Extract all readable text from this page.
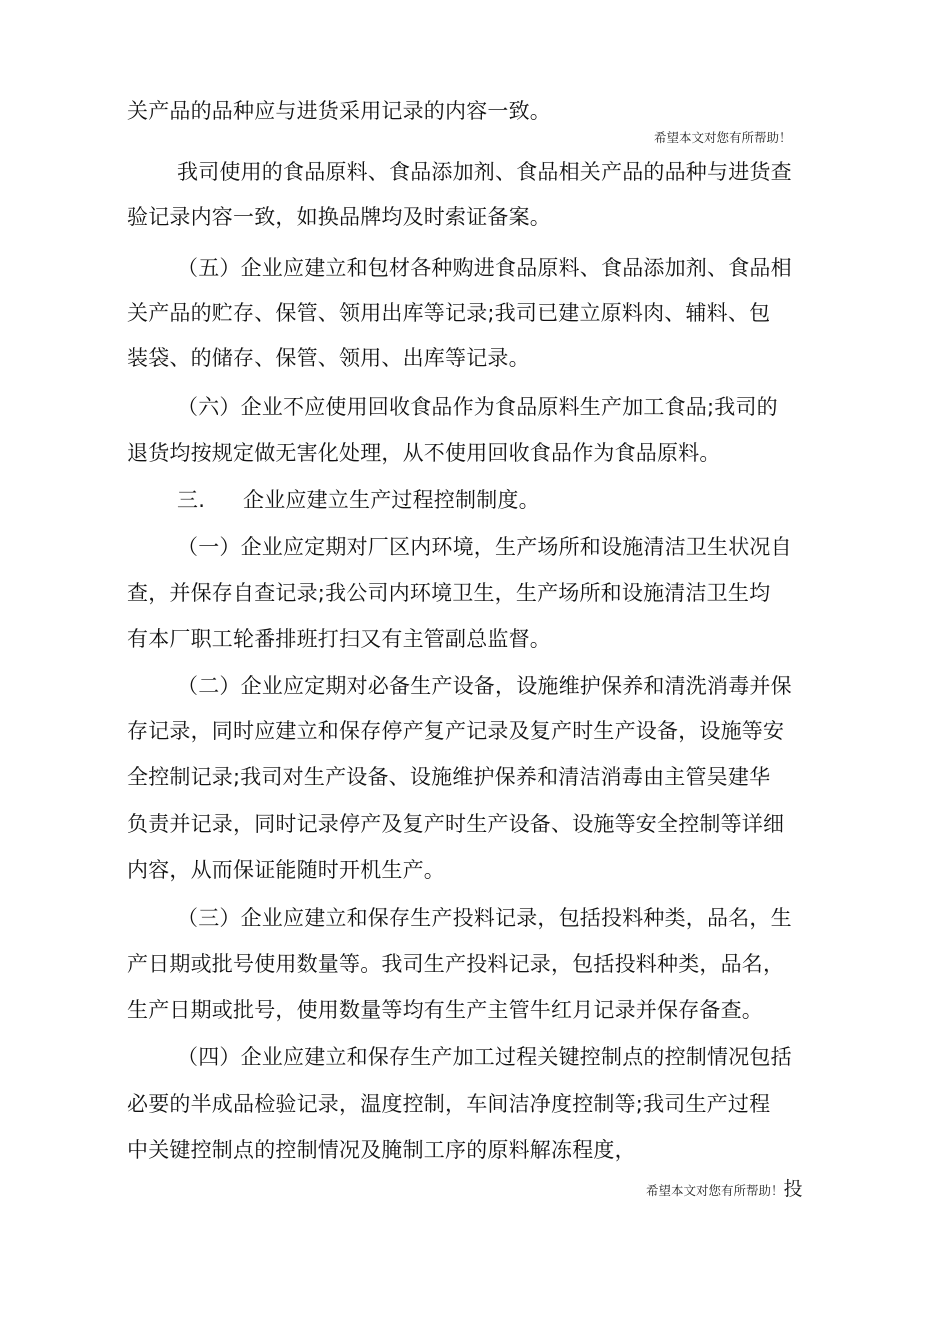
关产品的品种应与进货采用记录的内容一致。
希望本文对您有所帮助！
我司使用的食品原料、食品添加剂、食品相关产品的品种与进货查
验记录内容一致，如换品牌均及时索证备案。
（五）企业应建立和包材各种购进食品原料、食品添加剂、食品相
关产品的贮存、保管、领用出库等记录;我司已建立原料肉、辅料、包
装袋、的储存、保管、领用、出库等记录。
（六）企业不应使用回收食品作为食品原料生产加工食品;我司的
退货均按规定做无害化处理，从不使用回收食品作为食品原料。
三. 企业应建立生产过程控制制度。
（一）企业应定期对厂区内环境，生产场所和设施清洁卫生状况自
查，并保存自查记录;我公司内环境卫生，生产场所和设施清洁卫生均
有本厂职工轮番排班打扫又有主管副总监督。
（二）企业应定期对必备生产设备，设施维护保养和清洗消毒并保
存记录，同时应建立和保存停产复产记录及复产时生产设备，设施等安
全控制记录;我司对生产设备、设施维护保养和清洁消毒由主管吴建华
负责并记录，同时记录停产及复产时生产设备、设施等安全控制等详细
内容，从而保证能随时开机生产。
（三）企业应建立和保存生产投料记录，包括投料种类，品名，生
产日期或批号使用数量等。我司生产投料记录，包括投料种类，品名，
生产日期或批号，使用数量等均有生产主管牛红月记录并保存备查。
（四）企业应建立和保存生产加工过程关键控制点的控制情况包括
必要的半成品检验记录，温度控制，车间洁净度控制等;我司生产过程
中关键控制点的控制情况及腌制工序的原料解冻程度，
希望本文对您有所帮助！投
